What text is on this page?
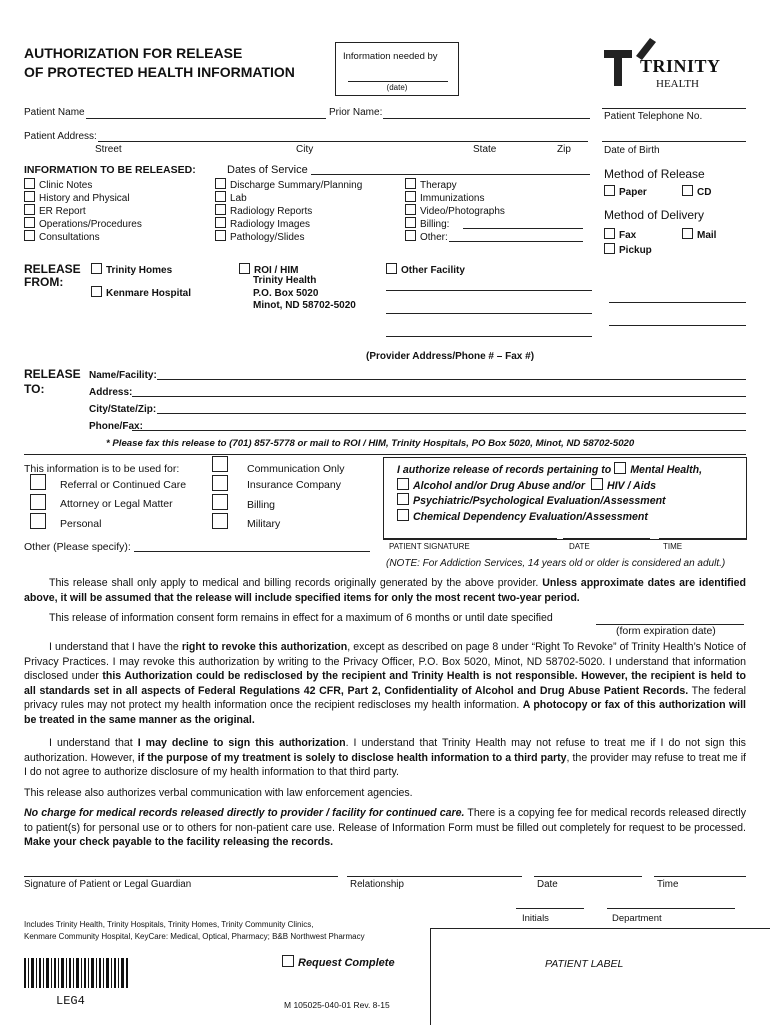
AUTHORIZATION FOR RELEASE
OF PROTECTED HEALTH INFORMATION
Information needed by
(date)
TRINITY
HEALTH
Patient Name	Prior Name:	Patient Telephone No.
Patient Address:
Street	City	State	Zip	Date of Birth
INFORMATION TO BE RELEASED:	Dates of Service
Clinic Notes
History and Physical
ER Report
Operations/Procedures
Consultations
Discharge Summary/Planning
Lab
Radiology Reports
Radiology Images
Pathology/Slides
Therapy
Immunizations
Video/Photographs
Billing:
Other:
Method of Release
Paper	CD
Method of Delivery
Fax	Mail
Pickup
RELEASE
FROM:
Trinity Homes
Kenmare Hospital
ROI / HIM
Trinity Health
P.O. Box 5020
Minot, ND 58702-5020
Other Facility
(Provider Address/Phone # – Fax #)
RELEASE
TO:
Name/Facility:
Address:
City/State/Zip:
Phone/Fax:
* Please fax this release to (701) 857-5778 or mail to ROI / HIM, Trinity Hospitals, PO Box 5020, Minot, ND 58702-5020
This information is to be used for:
Referral or Continued Care
Attorney or Legal Matter
Personal
Communication Only
Insurance Company
Billing
Military
Other (Please specify):
I authorize release of records pertaining to Mental Health,
Alcohol and/or Drug Abuse and/or HIV / Aids
Psychiatric/Psychological Evaluation/Assessment
Chemical Dependency Evaluation/Assessment
PATIENT SIGNATURE	DATE	TIME
(NOTE: For Addiction Services, 14 years old or older is considered an adult.)
This release shall only apply to medical and billing records originally generated by the above provider. Unless approximate dates are identified above, it will be assumed that the release will include specified items for only the most recent two-year period.
This release of information consent form remains in effect for a maximum of 6 months or until date specified
(form expiration date)
I understand that I have the right to revoke this authorization, except as described on page 8 under “Right To Revoke” of Trinity Health’s Notice of Privacy Practices. I may revoke this authorization by writing to the Privacy Officer, P.O. Box 5020, Minot, ND 58702-5020. I understand that information disclosed under this Authorization could be redisclosed by the recipient and Trinity Health is not responsible. However, the recipient is held to all standards set in all aspects of Federal Regulations 42 CFR, Part 2, Confidentiality of Alcohol and Drug Abuse Patient Records. The federal privacy rules may not protect my health information once the recipient rediscloses my health information. A photocopy or fax of this authorization will be treated in the same manner as the original.
I understand that I may decline to sign this authorization. I understand that Trinity Health may not refuse to treat me if I do not sign this authorization. However, if the purpose of my treatment is solely to disclose health information to a third party, the provider may refuse to treat me if I do not agree to authorize disclosure of my health information to that third party.
This release also authorizes verbal communication with law enforcement agencies.
No charge for medical records released directly to provider / facility for continued care. There is a copying fee for medical records released directly to patient(s) for personal use or to others for non-patient care use. Release of Information Form must be filled out completely for request to be processed. Make your check payable to the facility releasing the records.
Signature of Patient or Legal Guardian	Relationship	Date	Time
Initials	Department
Includes Trinity Health, Trinity Hospitals, Trinity Homes, Trinity Community Clinics,
Kenmare Community Hospital, KeyCare: Medical, Optical, Pharmacy; B&B Northwest Pharmacy
PATIENT LABEL
Request Complete
LEG4	M 105025-040-01 Rev. 8-15
